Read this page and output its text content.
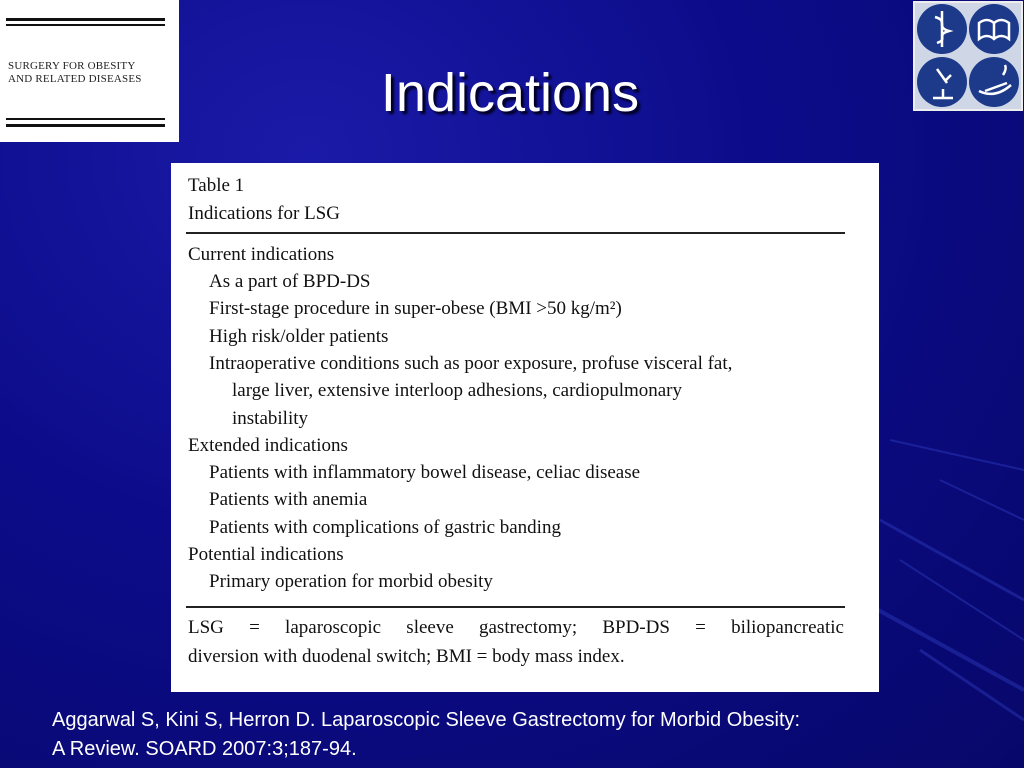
SURGERY FOR OBESITY
AND RELATED DISEASES	Indications
Table 1
Indications for LSG
Current indications
As a part of BPD-DS
First-stage procedure in super-obese (BMI >50 kg/m²)
High risk/older patients
Intraoperative conditions such as poor exposure, profuse visceral fat,
large liver, extensive interloop adhesions, cardiopulmonary
instability
Extended indications
Patients with inflammatory bowel disease, celiac disease
Patients with anemia
Patients with complications of gastric banding
Potential indications
Primary operation for morbid obesity
LSG = laparoscopic sleeve gastrectomy; BPD-DS = biliopancreatic
diversion with duodenal switch; BMI = body mass index.
Aggarwal S, Kini S, Herron D. Laparoscopic Sleeve Gastrectomy for Morbid Obesity:
A Review. SOARD 2007:3;187-94.
